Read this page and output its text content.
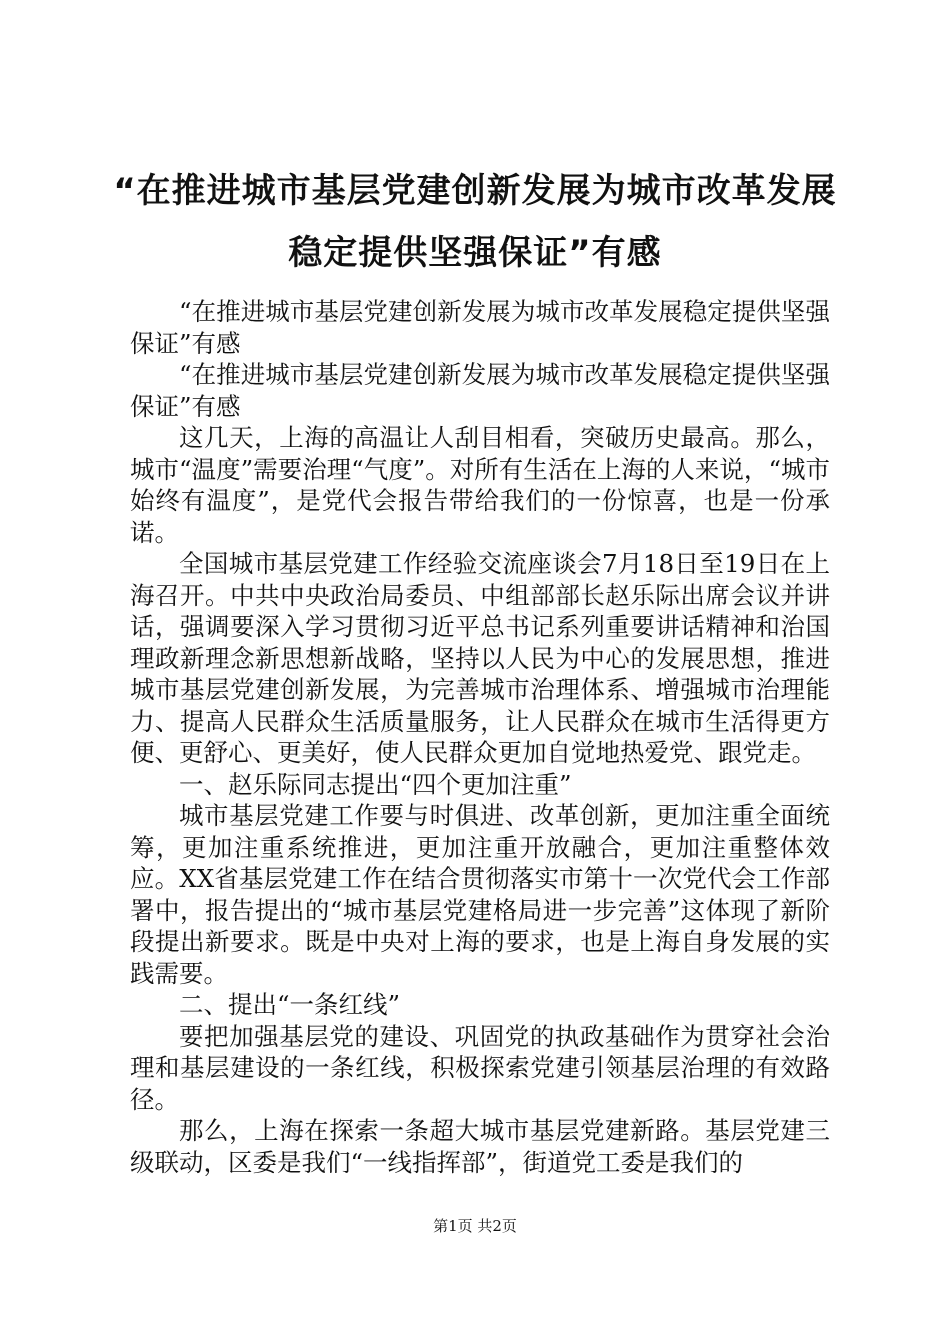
“在推进城市基层党建创新发展为城市改革发展稳定提供坚强保证”有感

“在推进城市基层党建创新发展为城市改革发展稳定提供坚强保证”有感

“在推进城市基层党建创新发展为城市改革发展稳定提供坚强保证”有感

这几天，上海的高温让人刮目相看，突破历史最高。那么，城市“温度”需要治理“气度”。对所有生活在上海的人来说，“城市始终有温度”，是党代会报告带给我们的一份惊喜，也是一份承诺。

全国城市基层党建工作经验交流座谈会7月18日至19日在上海召开。中共中央政治局委员、中组部部长赵乐际出席会议并讲话，强调要深入学习贯彻习近平总书记系列重要讲话精神和治国理政新理念新思想新战略，坚持以人民为中心的发展思想，推进城市基层党建创新发展，为完善城市治理体系、增强城市治理能力、提高人民群众生活质量服务，让人民群众在城市生活得更方便、更舒心、更美好，使人民群众更加自觉地热爱党、跟党走。

一、赵乐际同志提出“四个更加注重”

城市基层党建工作要与时俱进、改革创新，更加注重全面统筹，更加注重系统推进，更加注重开放融合，更加注重整体效应。XX省基层党建工作在结合贯彻落实市第十一次党代会工作部署中，报告提出的“城市基层党建格局进一步完善”这体现了新阶段提出新要求。既是中央对上海的要求，也是上海自身发展的实践需要。

二、提出“一条红线”

要把加强基层党的建设、巩固党的执政基础作为贯穿社会治理和基层建设的一条红线，积极探索党建引领基层治理的有效路径。

那么，上海在探索一条超大城市基层党建新路。基层党建三级联动，区委是我们“一线指挥部”，街道党工委是我们的

第1页 共2页
